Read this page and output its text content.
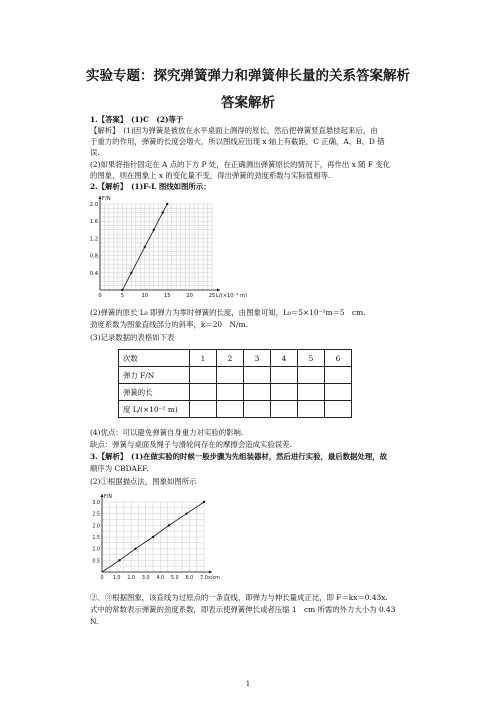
实验专题：探究弹簧弹力和弹簧伸长量的关系答案解析
答案解析
1.【答案】　(1)C　(2)等于
【解析】　(1)因为弹簧是被放在水平桌面上测得的原长，然后把弹簧竖直悬挂起来后，由
于重力的作用，弹簧的长度会增大，所以图线应出现 x 轴上有截距，C 正确，A、B、D 错
误.
(2)如果将指针固定在 A 点的下方 P 处，在正确测出弹簧原长的情况下，再作出 x 随 F 变化
的图象，则在图象上 x 的变化量不变，得出弹簧的劲度系数与实际值相等.
2.【解析】　(1)F-L 图线如图所示：
0	5	10	15	20	25
0.4
0.8
1.2
1.6
2.0
L/(×10⁻² m)
F/N
(2)弹簧的原长 L₀ 即弹力为零时弹簧的长度，由图象可知，L₀＝5×10⁻²m＝5　cm.
劲度系数为图象直线部分的斜率，k＝20　N/m.
(3)记录数据的表格如下表
次数	1	2	3	4	5	6
弹力 F/N						
弹簧的长						
度 L/(×10⁻² m)						
(4)优点：可以避免弹簧自身重力对实验的影响.
缺点：弹簧与桌面及绳子与滑轮间存在的摩擦会造成实验误差.
3.【解析】　(1)在做实验的时候一般步骤为先组装器材，然后进行实验，最后数据处理，故
顺序为 CBDAEF.
(2)①根据描点法，图象如图所示
0 1.0 2.0 3.0 4.0 5.0 6.0 7.0
0.5
1.0
1.5
2.0
2.5
3.0
x/cm
F/N
②、③根据图象，该直线为过原点的一条直线，即弹力与伸长量成正比，即 F＝kx＝0.43x.
式中的常数表示弹簧的劲度系数，即表示使弹簧伸长或者压缩 1　cm 所需的外力大小为 0.43
N.
1
